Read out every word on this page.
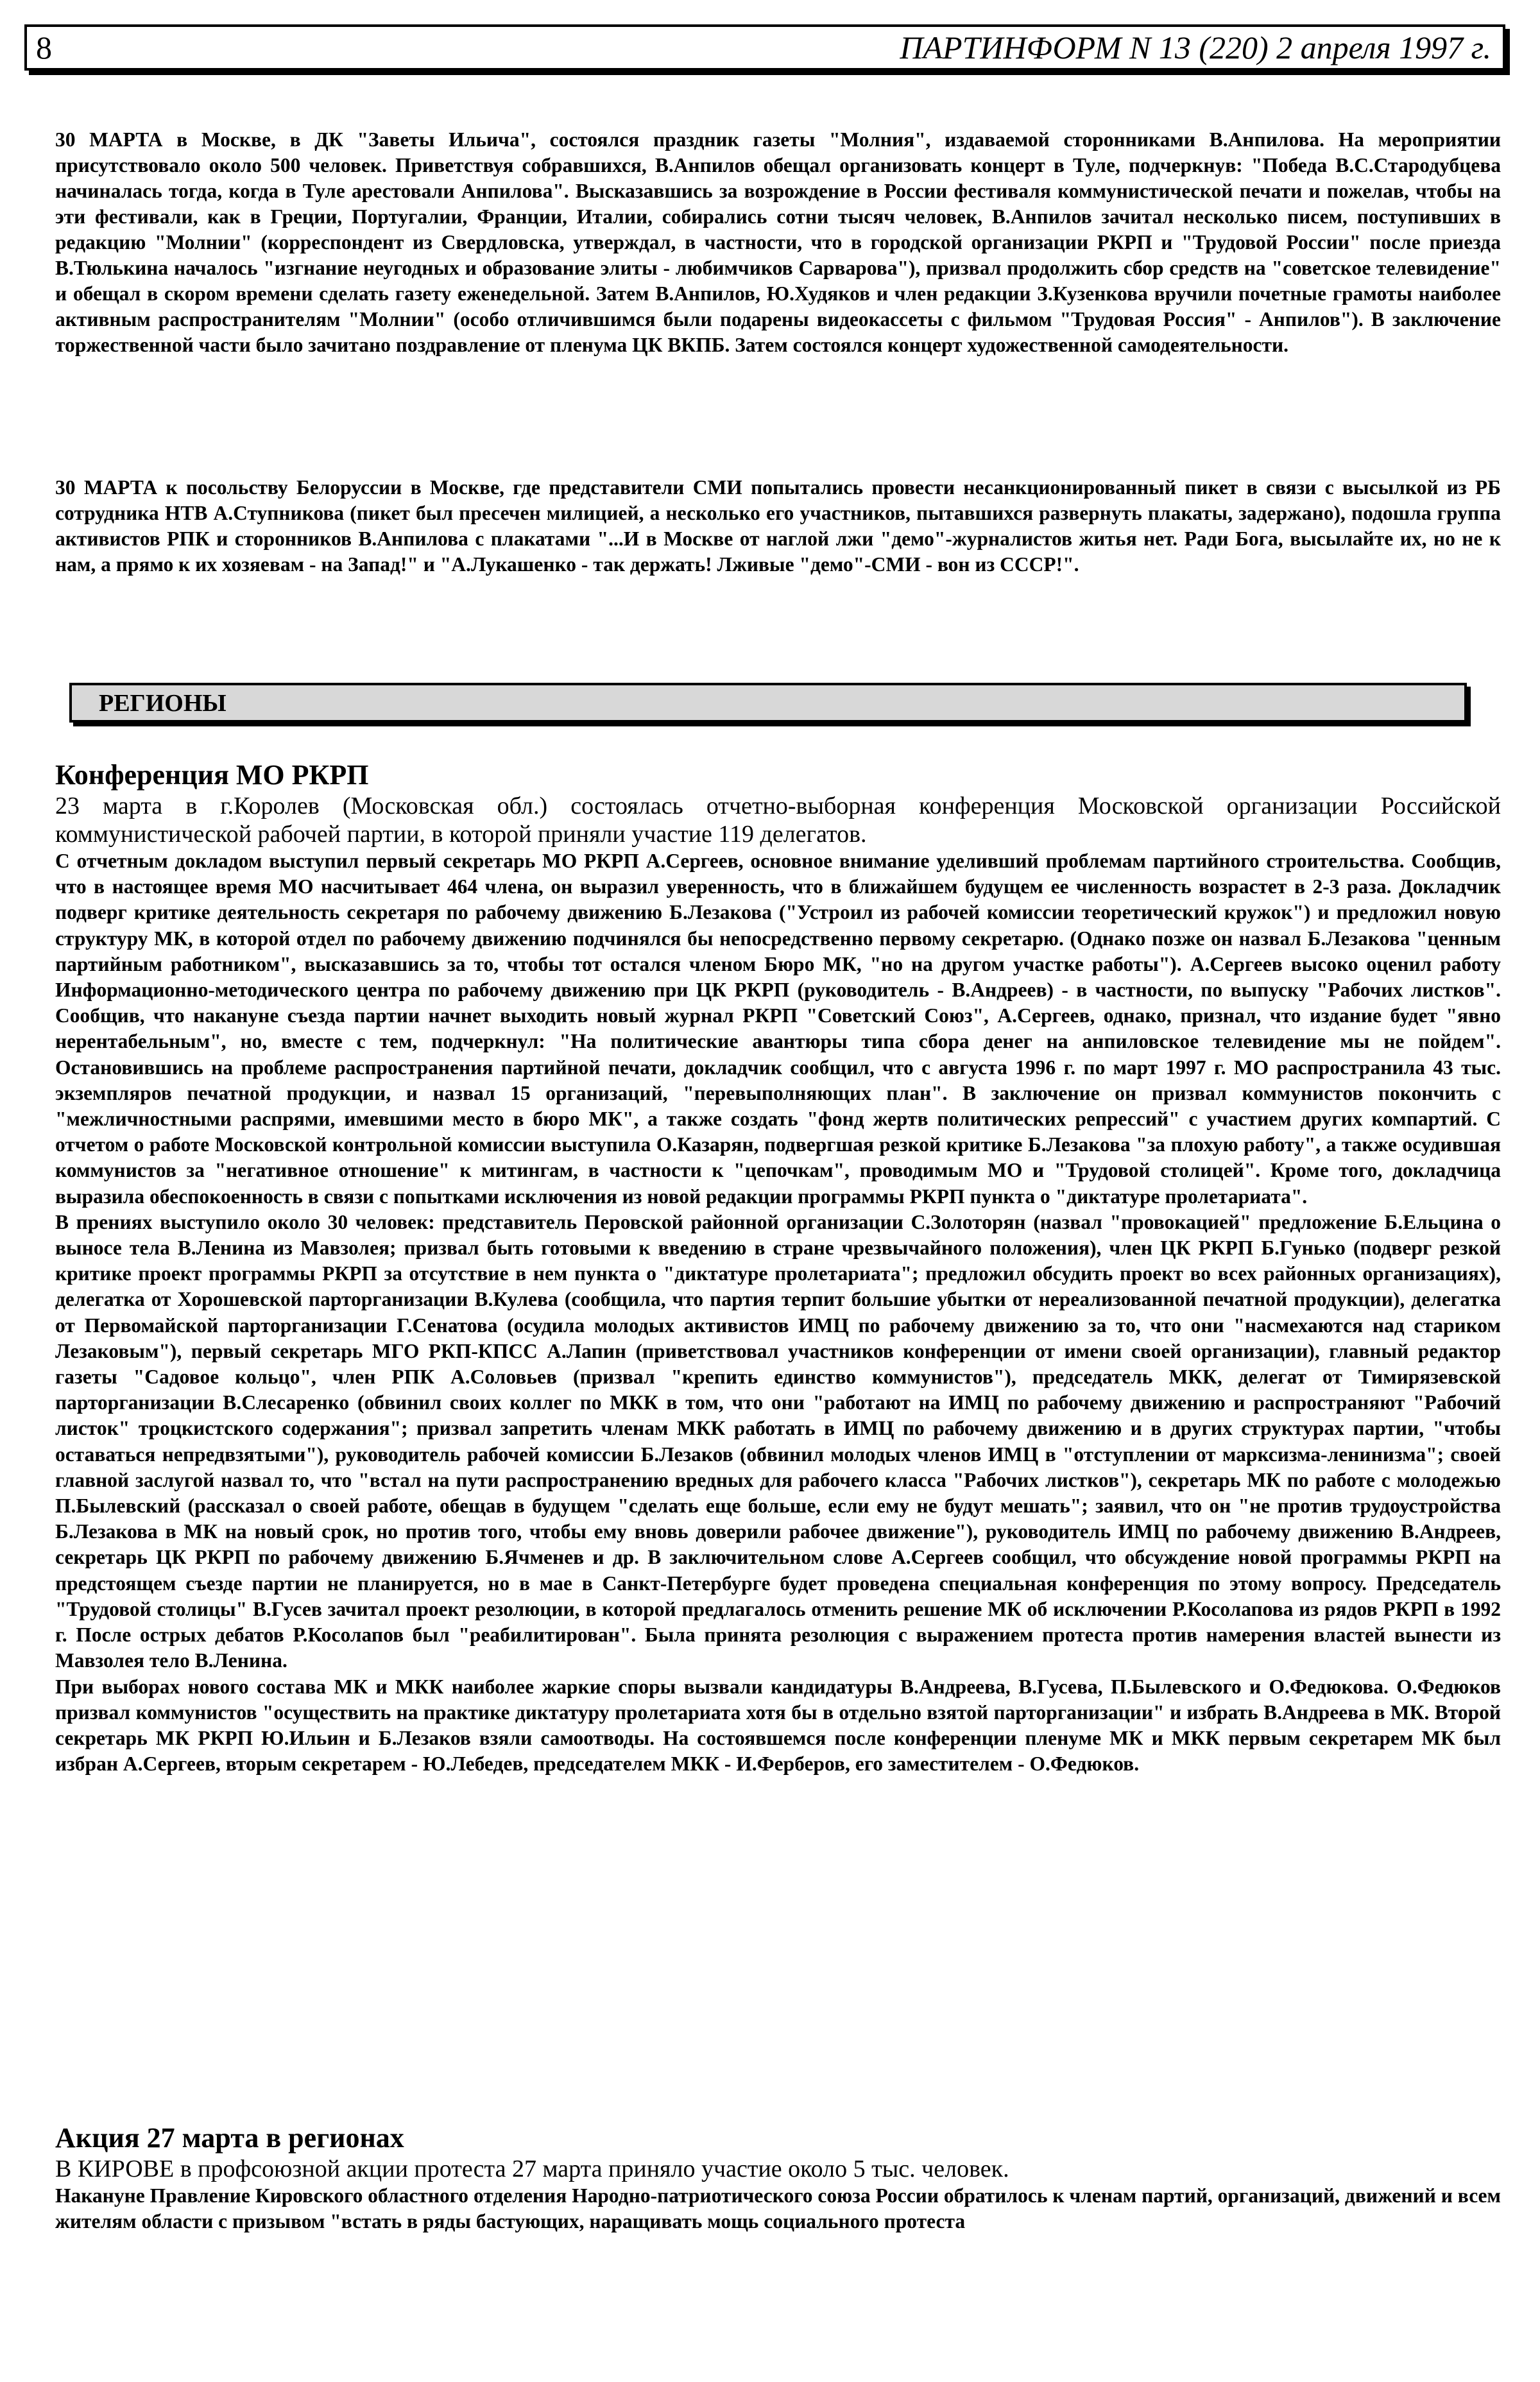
8	ПАРТИНФОРМ N 13 (220) 2 апреля 1997 г.

30 МАРТА в Москве, в ДК "Заветы Ильича", состоялся праздник газеты "Молния", издаваемой сторонниками В.Анпилова. На мероприятии присутствовало около 500 человек. Приветствуя собравшихся, В.Анпилов обещал организовать концерт в Туле, подчеркнув: "Победа В.С.Стародубцева начиналась тогда, когда в Туле арестовали Анпилова". Высказавшись за возрождение в России фестиваля коммунистической печати и пожелав, чтобы на эти фестивали, как в Греции, Португалии, Франции, Италии, собирались сотни тысяч человек, В.Анпилов зачитал несколько писем, поступивших в редакцию "Молнии" (корреспондент из Свердловска, утверждал, в частности, что в городской организации РКРП и "Трудовой России" после приезда В.Тюлькина началось "изгнание неугодных и образование элиты - любимчиков Сарварова"), призвал продолжить сбор средств на "советское телевидение" и обещал в скором времени сделать газету еженедельной. Затем В.Анпилов, Ю.Худяков и член редакции З.Кузенкова вручили почетные грамоты наиболее активным распространителям "Молнии" (особо отличившимся были подарены видеокассеты с фильмом "Трудовая Россия" - Анпилов"). В заключение торжественной части было зачитано поздравление от пленума ЦК ВКПБ. Затем состоялся концерт художественной самодеятельности.

30 МАРТА к посольству Белоруссии в Москве, где представители СМИ попытались провести несанкционированный пикет в связи с высылкой из РБ сотрудника НТВ А.Ступникова (пикет был пресечен милицией, а несколько его участников, пытавшихся развернуть плакаты, задержано), подошла группа активистов РПК и сторонников В.Анпилова с плакатами "...И в Москве от наглой лжи "демо"-журналистов житья нет. Ради Бога, высылайте их, но не к нам, а прямо к их хозяевам - на Запад!" и "А.Лукашенко - так держать! Лживые "демо"-СМИ - вон из СССР!".

РЕГИОНЫ
Конференция МО РКРП

23 марта в г.Королев (Московская обл.) состоялась отчетно-выборная конференция Московской организации Российской коммунистической рабочей партии, в которой приняли участие 119 делегатов.

С отчетным докладом выступил первый секретарь МО РКРП А.Сергеев, основное внимание уделивший проблемам партийного строительства. Сообщив, что в настоящее время МО насчитывает 464 члена, он выразил уверенность, что в ближайшем будущем ее численность возрастет в 2-3 раза. Докладчик подверг критике деятельность секретаря по рабочему движению Б.Лезакова ("Устроил из рабочей комиссии теоретический кружок") и предложил новую структуру МК, в которой отдел по рабочему движению подчинялся бы непосредственно первому секретарю. (Однако позже он назвал Б.Лезакова "ценным партийным работником", высказавшись за то, чтобы тот остался членом Бюро МК, "но на другом участке работы"). А.Сергеев высоко оценил работу Информационно-методического центра по рабочему движению при ЦК РКРП (руководитель - В.Андреев) - в частности, по выпуску "Рабочих листков". Сообщив, что накануне съезда партии начнет выходить новый журнал РКРП "Советский Союз", А.Сергеев, однако, признал, что издание будет "явно нерентабельным", но, вместе с тем, подчеркнул: "На политические авантюры типа сбора денег на анпиловское телевидение мы не пойдем". Остановившись на проблеме распространения партийной печати, докладчик сообщил, что с августа 1996 г. по март 1997 г. МО распространила 43 тыс. экземпляров печатной продукции, и назвал 15 организаций, "перевыполняющих план". В заключение он призвал коммунистов покончить с "межличностными распрями, имевшими место в бюро МК", а также создать "фонд жертв политических репрессий" с участием других компартий. С отчетом о работе Московской контрольной комиссии выступила О.Казарян, подвергшая резкой критике Б.Лезакова "за плохую работу", а также осудившая коммунистов за "негативное отношение" к митингам, в частности к "цепочкам", проводимым МО и "Трудовой столицей". Кроме того, докладчица выразила обеспокоенность в связи с попытками исключения из новой редакции программы РКРП пункта о "диктатуре пролетариата".

В прениях выступило около 30 человек: представитель Перовской районной организации С.Золоторян (назвал "провокацией" предложение Б.Ельцина о выносе тела В.Ленина из Мавзолея; призвал быть готовыми к введению в стране чрезвычайного положения), член ЦК РКРП Б.Гунько (подверг резкой критике проект программы РКРП за отсутствие в нем пункта о "диктатуре пролетариата"; предложил обсудить проект во всех районных организациях), делегатка от Хорошевской парторганизации В.Кулева (сообщила, что партия терпит большие убытки от нереализованной печатной продукции), делегатка от Первомайской парторганизации Г.Сенатова (осудила молодых активистов ИМЦ по рабочему движению за то, что они "насмехаются над стариком Лезаковым"), первый секретарь МГО РКП-КПСС А.Лапин (приветствовал участников конференции от имени своей организации), главный редактор газеты "Садовое кольцо", член РПК А.Соловьев (призвал "крепить единство коммунистов"), председатель МКК, делегат от Тимирязевской парторганизации В.Слесаренко (обвинил своих коллег по МКК в том, что они "работают на ИМЦ по рабочему движению и распространяют "Рабочий листок" троцкистского содержания"; призвал запретить членам МКК работать в ИМЦ по рабочему движению и в других структурах партии, "чтобы оставаться непредвзятыми"), руководитель рабочей комиссии Б.Лезаков (обвинил молодых членов ИМЦ в "отступлении от марксизма-ленинизма"; своей главной заслугой назвал то, что "встал на пути распространению вредных для рабочего класса "Рабочих листков"), секретарь МК по работе с молодежью П.Былевский (рассказал о своей работе, обещав в будущем "сделать еще больше, если ему не будут мешать"; заявил, что он "не против трудоустройства Б.Лезакова в МК на новый срок, но против того, чтобы ему вновь доверили рабочее движение"), руководитель ИМЦ по рабочему движению В.Андреев, секретарь ЦК РКРП по рабочему движению Б.Ячменев и др. В заключительном слове А.Сергеев сообщил, что обсуждение новой программы РКРП на предстоящем съезде партии не планируется, но в мае в Санкт-Петербурге будет проведена специальная конференция по этому вопросу. Председатель "Трудовой столицы" В.Гусев зачитал проект резолюции, в которой предлагалось отменить решение МК об исключении Р.Косолапова из рядов РКРП в 1992 г. После острых дебатов Р.Косолапов был "реабилитирован". Была принята резолюция с выражением протеста против намерения властей вынести из Мавзолея тело В.Ленина.

При выборах нового состава МК и МКК наиболее жаркие споры вызвали кандидатуры В.Андреева, В.Гусева, П.Былевского и О.Федюкова. О.Федюков призвал коммунистов "осуществить на практике диктатуру пролетариата хотя бы в отдельно взятой парторганизации" и избрать В.Андреева в МК. Второй секретарь МК РКРП Ю.Ильин и Б.Лезаков взяли самоотводы. На состоявшемся после конференции пленуме МК и МКК первым секретарем МК был избран А.Сергеев, вторым секретарем - Ю.Лебедев, председателем МКК - И.Ферберов, его заместителем - О.Федюков.

Акция 27 марта в регионах

В КИРОВЕ в профсоюзной акции протеста 27 марта приняло участие около 5 тыс. человек.

Накануне Правление Кировского областного отделения Народно-патриотического союза России обратилось к членам партий, организаций, движений и всем жителям области с призывом "встать в ряды бастующих, наращивать мощь социального протеста
